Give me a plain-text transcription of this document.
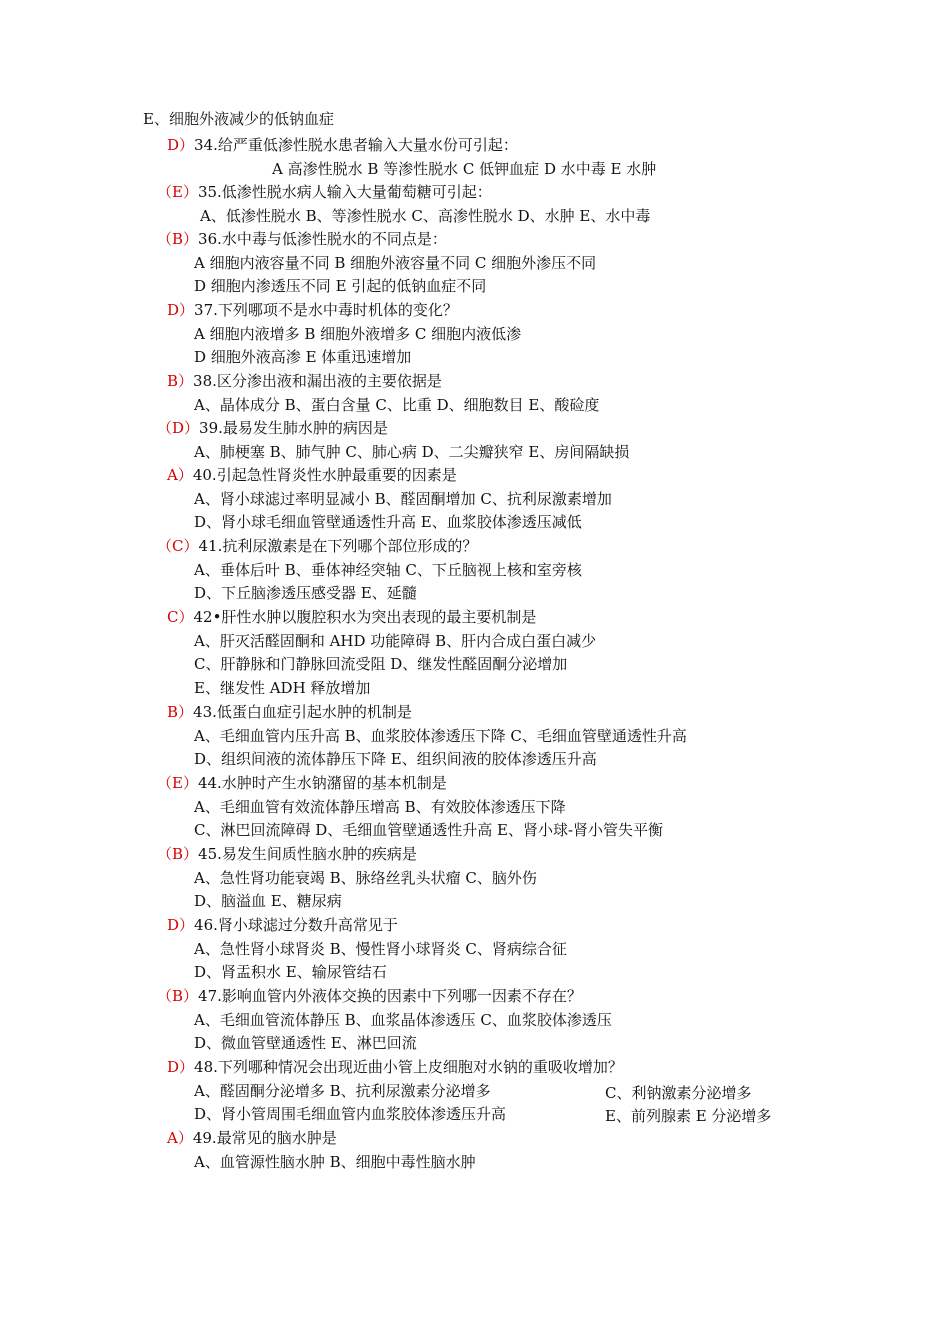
E、细胞外液减少的低钠血症
D）34.给严重低渗性脱水患者输入大量水份可引起：
A 高渗性脱水 B 等渗性脱水 C 低钾血症 D 水中毒 E 水肿
（E）35.低渗性脱水病人输入大量葡萄糖可引起：
A、低渗性脱水 B、等渗性脱水 C、高渗性脱水 D、水肿 E、水中毒
（B）36.水中毒与低渗性脱水的不同点是：
A 细胞内液容量不同 B 细胞外液容量不同 C 细胞外渗压不同
D 细胞内渗透压不同 E 引起的低钠血症不同
D）37.下列哪项不是水中毒时机体的变化？
A 细胞内液增多 B 细胞外液增多 C 细胞内液低渗
D 细胞外液高渗 E 体重迅速增加
B）38.区分渗出液和漏出液的主要依据是
A、晶体成分 B、蛋白含量 C、比重 D、细胞数目 E、酸硷度
（D）39.最易发生肺水肿的病因是
A、肺梗塞 B、肺气肿 C、肺心病 D、二尖瓣狭窄 E、房间隔缺损
A）40.引起急性肾炎性水肿最重要的因素是
A、肾小球滤过率明显减小 B、醛固酮增加 C、抗利尿激素增加
D、肾小球毛细血管壁通透性升高 E、血浆胶体渗透压减低
（C）41.抗利尿激素是在下列哪个部位形成的？
A、垂体后叶 B、垂体神经突轴 C、下丘脑视上核和室旁核
D、下丘脑渗透压感受器 E、延髓
C）42•肝性水肿以腹腔积水为突出表现的最主要机制是
A、肝灭活醛固酮和 AHD 功能障碍 B、肝内合成白蛋白减少
C、肝静脉和门静脉回流受阻 D、继发性醛固酮分泌增加
E、继发性 ADH 释放增加
B）43.低蛋白血症引起水肿的机制是
A、毛细血管内压升高 B、血浆胶体渗透压下降 C、毛细血管壁通透性升高
D、组织间液的流体静压下降 E、组织间液的胶体渗透压升高
（E）44.水肿时产生水钠潴留的基本机制是
A、毛细血管有效流体静压增高 B、有效胶体渗透压下降
C、淋巴回流障碍 D、毛细血管壁通透性升高 E、肾小球-肾小管失平衡
（B）45.易发生间质性脑水肿的疾病是
A、急性肾功能衰竭 B、脉络丝乳头状瘤 C、脑外伤
D、脑溢血 E、糖尿病
D）46.肾小球滤过分数升高常见于
A、急性肾小球肾炎 B、慢性肾小球肾炎 C、肾病综合征
D、肾盂积水 E、输尿管结石
（B）47.影响血管内外液体交换的因素中下列哪一因素不存在？
A、毛细血管流体静压 B、血浆晶体渗透压 C、血浆胶体渗透压
D、微血管壁通透性 E、淋巴回流
D）48.下列哪种情况会出现近曲小管上皮细胞对水钠的重吸收增加？
A、醛固酮分泌增多 B、抗利尿激素分泌增多
D、肾小管周围毛细血管内血浆胶体渗透压升高
A）49.最常见的脑水肿是
A、血管源性脑水肿 B、细胞中毒性脑水肿
C、利钠激素分泌增多
E、前列腺素 E 分泌增多
